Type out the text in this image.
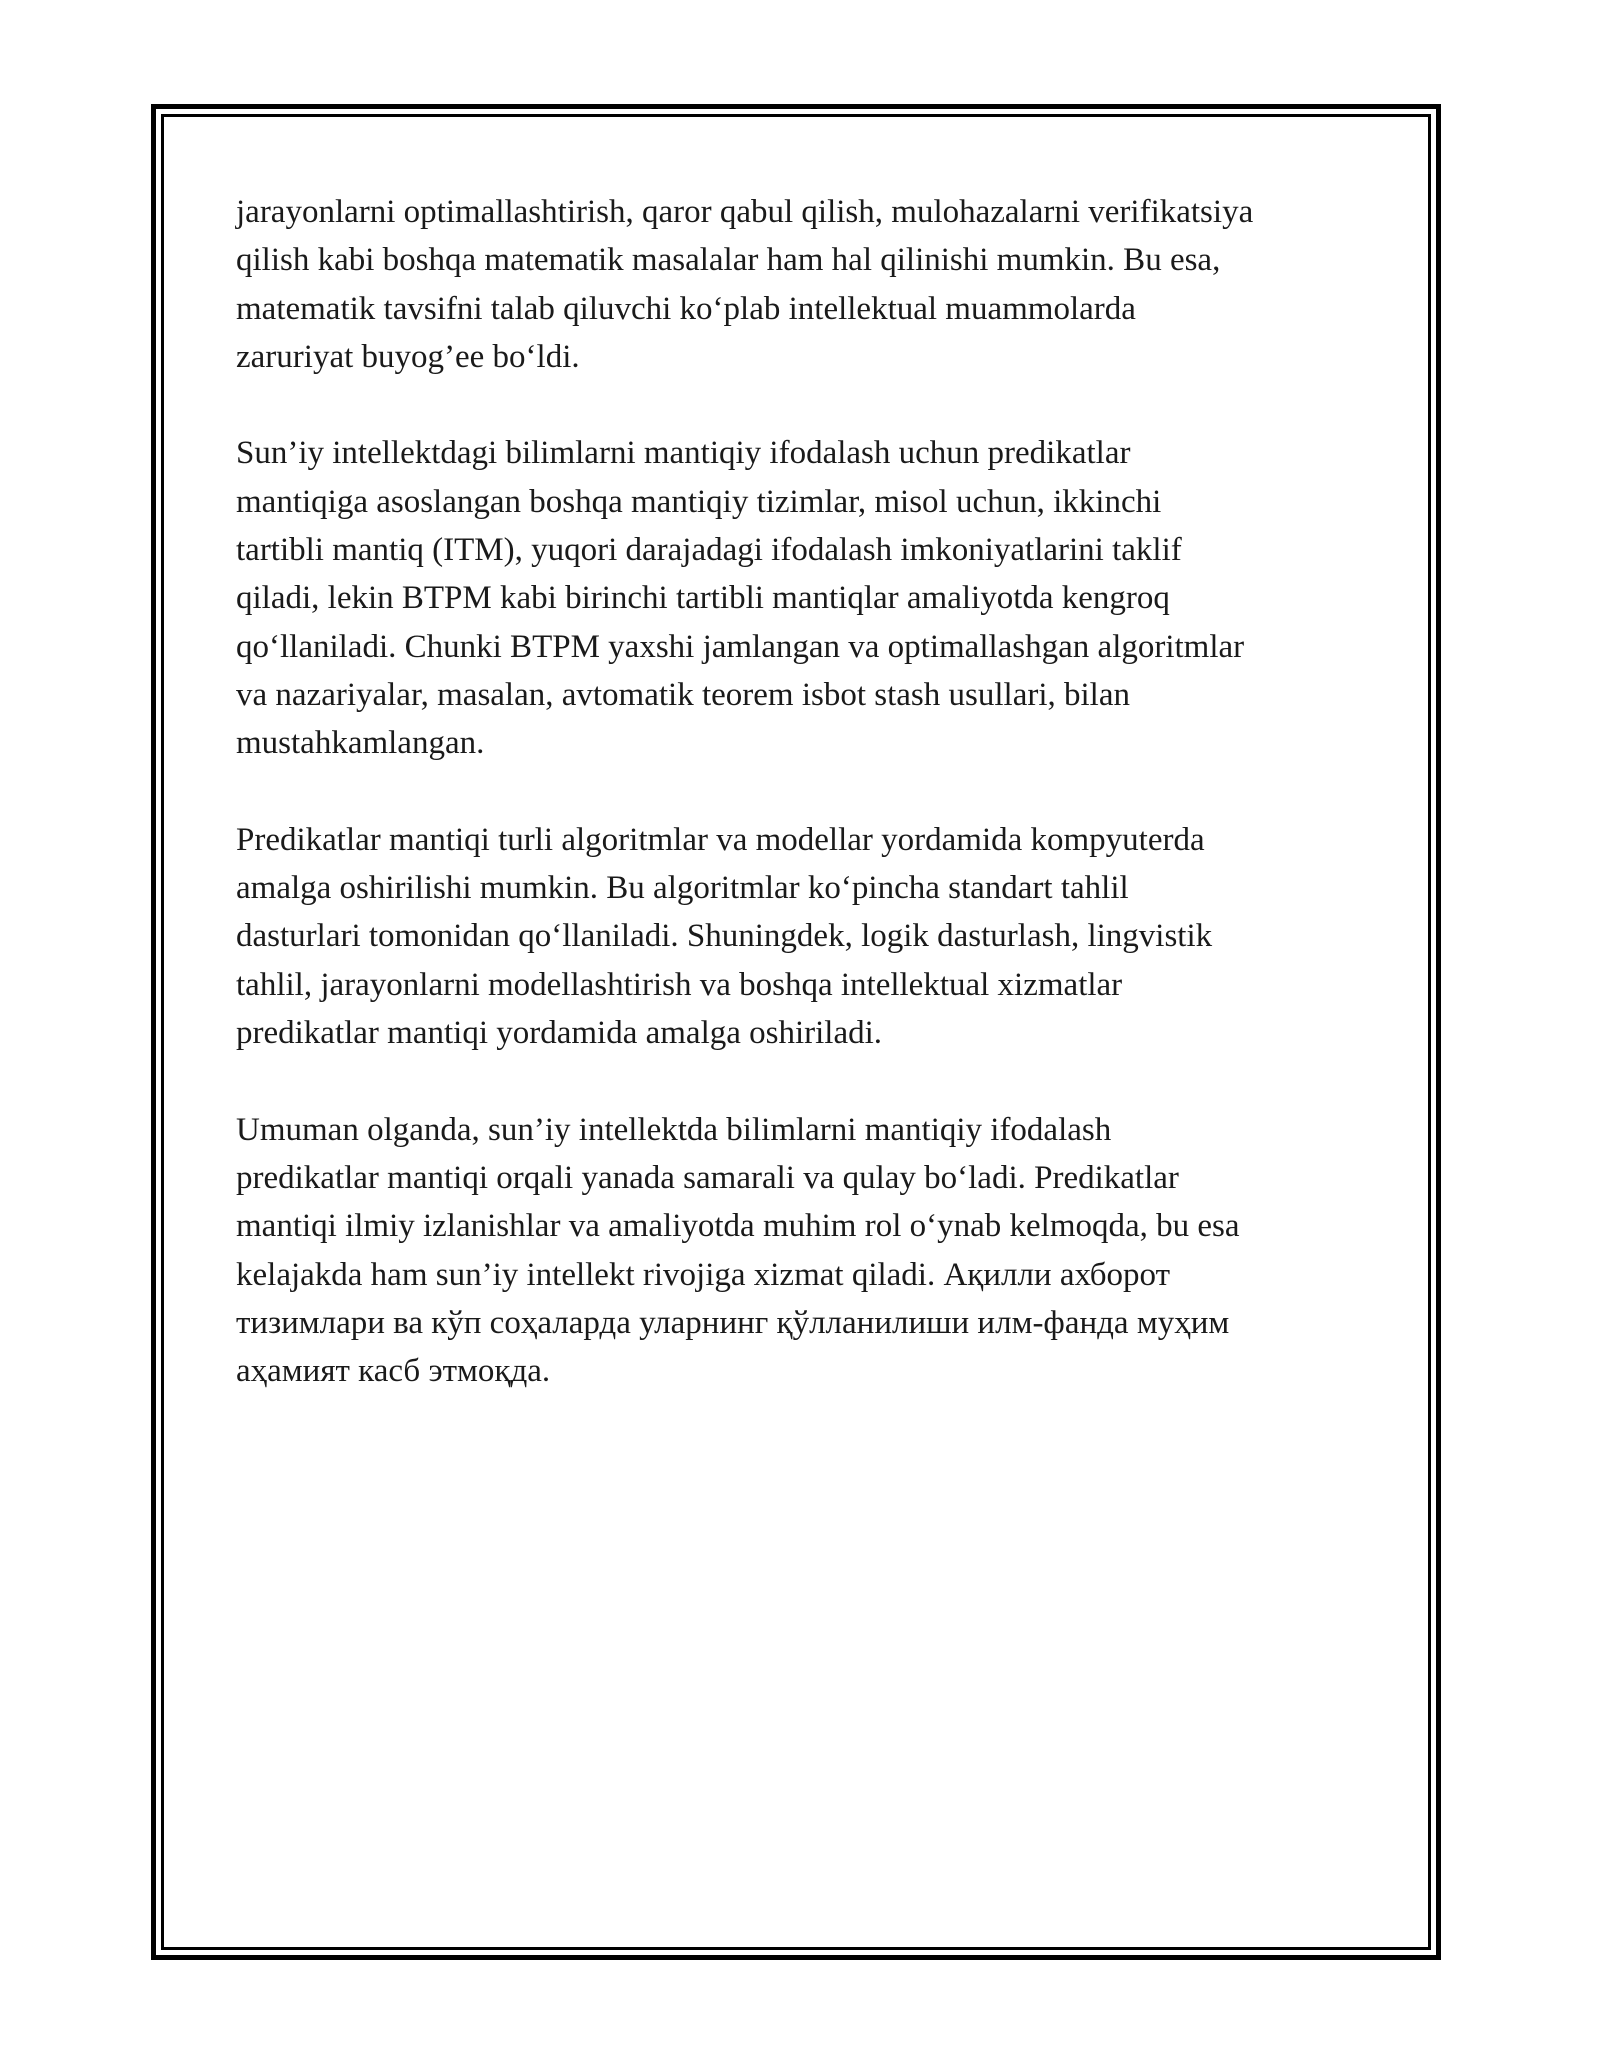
jarayonlarni optimallashtirish, qaror qabul qilish, mulohazalarni verifikatsiya
qilish kabi boshqa matematik masalalar ham hal qilinishi mumkin. Bu esa,
matematik tavsifni talab qiluvchi ko‘plab intellektual muammolarda
zaruriyat buyog’ee bo‘ldi.

Sun’iy intellektdagi bilimlarni mantiqiy ifodalash uchun predikatlar
mantiqiga asoslangan boshqa mantiqiy tizimlar, misol uchun, ikkinchi
tartibli mantiq (ITM), yuqori darajadagi ifodalash imkoniyatlarini taklif
qiladi, lekin BTPM kabi birinchi tartibli mantiqlar amaliyotda kengroq
qo‘llaniladi. Chunki BTPM yaxshi jamlangan va optimallashgan algoritmlar
va nazariyalar, masalan, avtomatik teorem isbot stash usullari, bilan
mustahkamlangan.

Predikatlar mantiqi turli algoritmlar va modellar yordamida kompyuterda
amalga oshirilishi mumkin. Bu algoritmlar ko‘pincha standart tahlil
dasturlari tomonidan qo‘llaniladi. Shuningdek, logik dasturlash, lingvistik
tahlil, jarayonlarni modellashtirish va boshqa intellektual xizmatlar
predikatlar mantiqi yordamida amalga oshiriladi.

Umuman olganda, sun’iy intellektda bilimlarni mantiqiy ifodalash
predikatlar mantiqi orqali yanada samarali va qulay bo‘ladi. Predikatlar
mantiqi ilmiy izlanishlar va amaliyotda muhim rol o‘ynab kelmoqda, bu esa
kelajakda ham sun’iy intellekt rivojiga xizmat qiladi. Ақилли ахборот
тизимлари ва кўп соҳаларда уларнинг қўлланилиши илм-фанда муҳим
аҳамият касб этмоқда.
